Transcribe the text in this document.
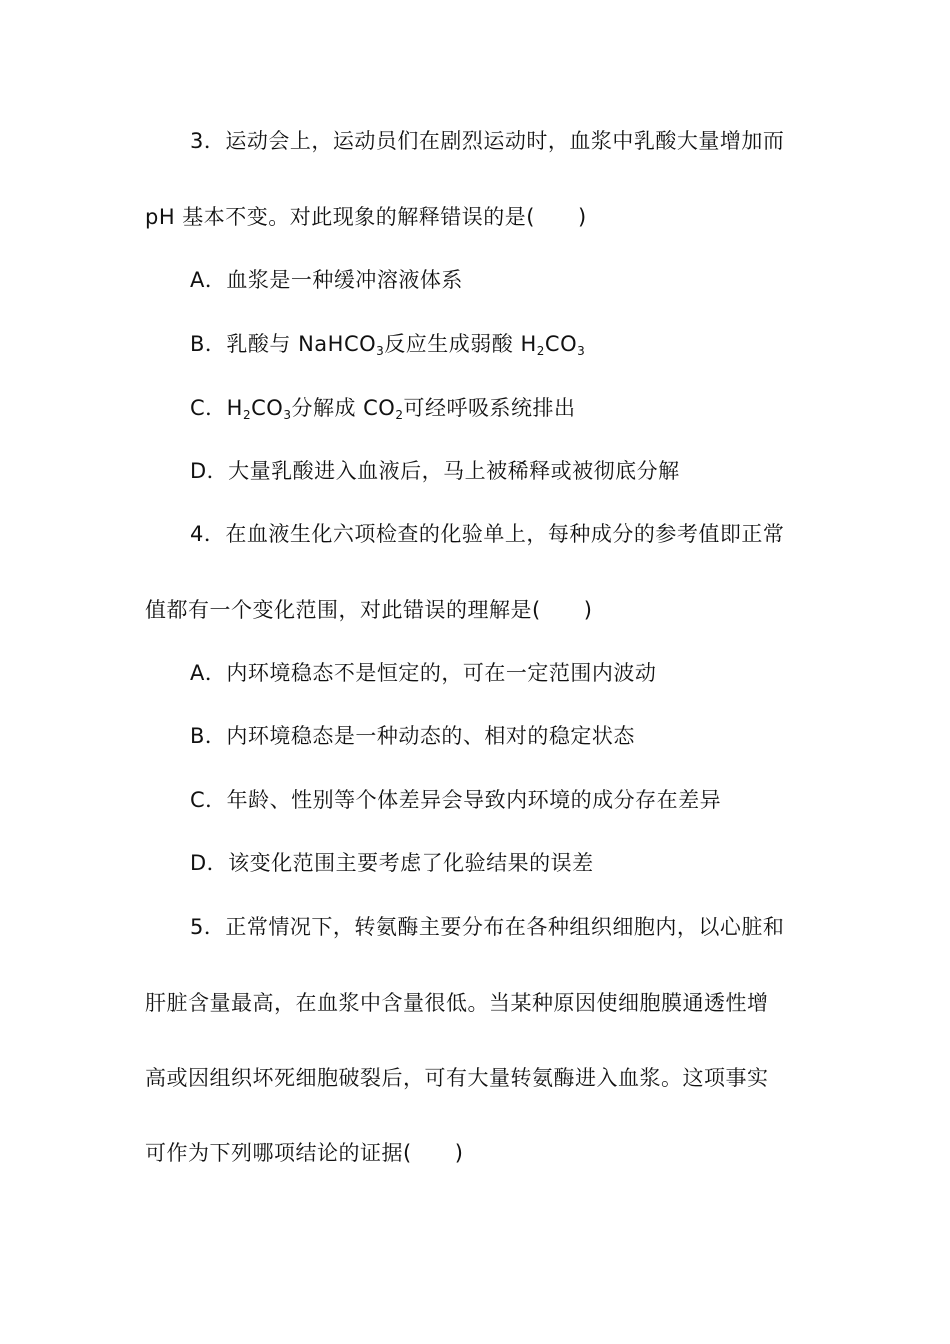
3．运动会上，运动员们在剧烈运动时，血浆中乳酸大量增加而
pH 基本不变。对此现象的解释错误的是(　　)
A．血浆是一种缓冲溶液体系
B．乳酸与 NaHCO$_3$反应生成弱酸 $H_2CO_3$
C．$H_2CO_3$分解成 $CO_2$可经呼吸系统排出
D．大量乳酸进入血液后，马上被稀释或被彻底分解
4．在血液生化六项检查的化验单上，每种成分的参考值即正常
值都有一个变化范围，对此错误的理解是(　　)
A．内环境稳态不是恒定的，可在一定范围内波动
B．内环境稳态是一种动态的、相对的稳定状态
C．年龄、性别等个体差异会导致内环境的成分存在差异
D．该变化范围主要考虑了化验结果的误差
5．正常情况下，转氨酶主要分布在各种组织细胞内，以心脏和
肝脏含量最高，在血浆中含量很低。当某种原因使细胞膜通透性增
高或因组织坏死细胞破裂后，可有大量转氨酶进入血浆。这项事实
可作为下列哪项结论的证据(　　)
